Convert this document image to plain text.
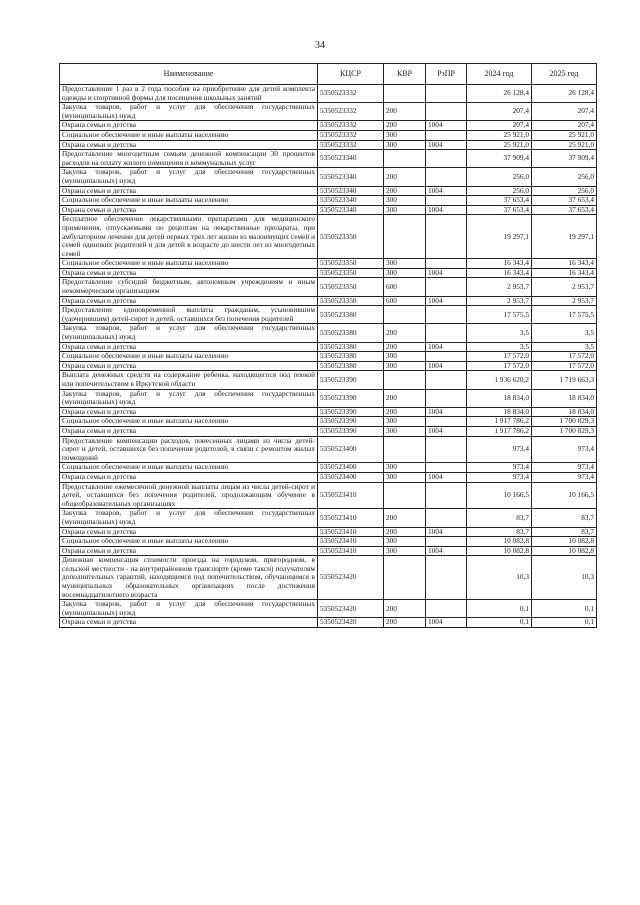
34
Наименование	КЦСР	КВР	РзПР	2024 год	2025 год
Предоставление 1 раз в 2 года пособия на приобретение для детей комплекта одежды и спортивной формы для посещения школьных занятий	5350523332			26 128,4	26 128,4
Закупка товаров, работ и услуг для обеспечения государственных (муниципальных) нужд	5350523332	200		207,4	207,4
Охрана семьи и детства	5350523332	200	1004	207,4	207,4
Социальное обеспечение и иные выплаты населению	5350523332	300		25 921,0	25 921,0
Охрана семьи и детства	5350523332	300	1004	25 921,0	25 921,0
Предоставление многодетным семьям денежной компенсации 30 процентов расходов на оплату жилого помещения и коммунальных услуг	5350523340			37 909,4	37 909,4
Закупка товаров, работ и услуг для обеспечения государственных (муниципальных) нужд	5350523340	200		256,0	256,0
Охрана семьи и детства	5350523340	200	1004	256,0	256,0
Социальное обеспечение и иные выплаты населению	5350523340	300		37 653,4	37 653,4
Охрана семьи и детства	5350523340	300	1004	37 653,4	37 653,4
Бесплатное обеспечение лекарственными препаратами для медицинского применения, отпускаемыми по рецептам на лекарственные препараты, при амбулаторном лечении для детей первых трех лет жизни из малоимущих семей и семей одиноких родителей и для детей в возрасте до шести лет из многодетных семей	5350523350			19 297,1	19 297,1
Социальное обеспечение и иные выплаты населению	5350523350	300		16 343,4	16 343,4
Охрана семьи и детства	5350523350	300	1004	16 343,4	16 343,4
Предоставление субсидий бюджетным, автономным учреждениям и иным некоммерческим организациям	5350523350	600		2 953,7	2 953,7
Охрана семьи и детства	5350523350	600	1004	2 953,7	2 953,7
Предоставление единовременной выплаты гражданам, усыновившим (удочерившим) детей-сирот и детей, оставшихся без попечения родителей	5350523380			17 575,5	17 575,5
Закупка товаров, работ и услуг для обеспечения государственных (муниципальных) нужд	5350523380	200		3,5	3,5
Охрана семьи и детства	5350523380	200	1004	3,5	3,5
Социальное обеспечение и иные выплаты населению	5350523380	300		17 572,0	17 572,0
Охрана семьи и детства	5350523380	300	1004	17 572,0	17 572,0
Выплата денежных средств на содержание ребенка, находящегося под опекой или попечительством в Иркутской области	5350523390			1 936 620,2	1 719 663,3
Закупка товаров, работ и услуг для обеспечения государственных (муниципальных) нужд	5350523390	200		18 834,0	18 834,0
Охрана семьи и детства	5350523390	200	1004	18 834,0	18 834,0
Социальное обеспечение и иные выплаты населению	5350523390	300		1 917 786,2	1 700 829,3
Охрана семьи и детства	5350523390	300	1004	1 917 786,2	1 700 829,3
Предоставление компенсации расходов, понесенных лицами из числа детей-сирот и детей, оставшихся без попечения родителей, в связи с ремонтом жилых помещений	5350523400			973,4	973,4
Социальное обеспечение и иные выплаты населению	5350523400	300		973,4	973,4
Охрана семьи и детства	5350523400	300	1004	973,4	973,4
Предоставление ежемесячной денежной выплаты лицам из числа детей-сирот и детей, оставшихся без попечения родителей, продолжающим обучение в общеобразовательных организациях	5350523410			10 166,5	10 166,5
Закупка товаров, работ и услуг для обеспечения государственных (муниципальных) нужд	5350523410	200		83,7	83,7
Охрана семьи и детства	5350523410	200	1004	83,7	83,7
Социальное обеспечение и иные выплаты населению	5350523410	300		10 082,8	10 082,8
Охрана семьи и детства	5350523410	300	1004	10 082,8	10 082,8
Денежная компенсация стоимости проезда на городском, пригородном, в сельской местности - на внутрирайонном транспорте (кроме такси) получателям дополнительных гарантий, находящимся под попечительством, обучающимся в муниципальных образовательных организациях после достижения восемнадцатилетнего возраста	5350523420			10,3	10,3
Закупка товаров, работ и услуг для обеспечения государственных (муниципальных) нужд	5350523420	200		0,1	0,1
Охрана семьи и детства	5350523420	200	1004	0,1	0,1
